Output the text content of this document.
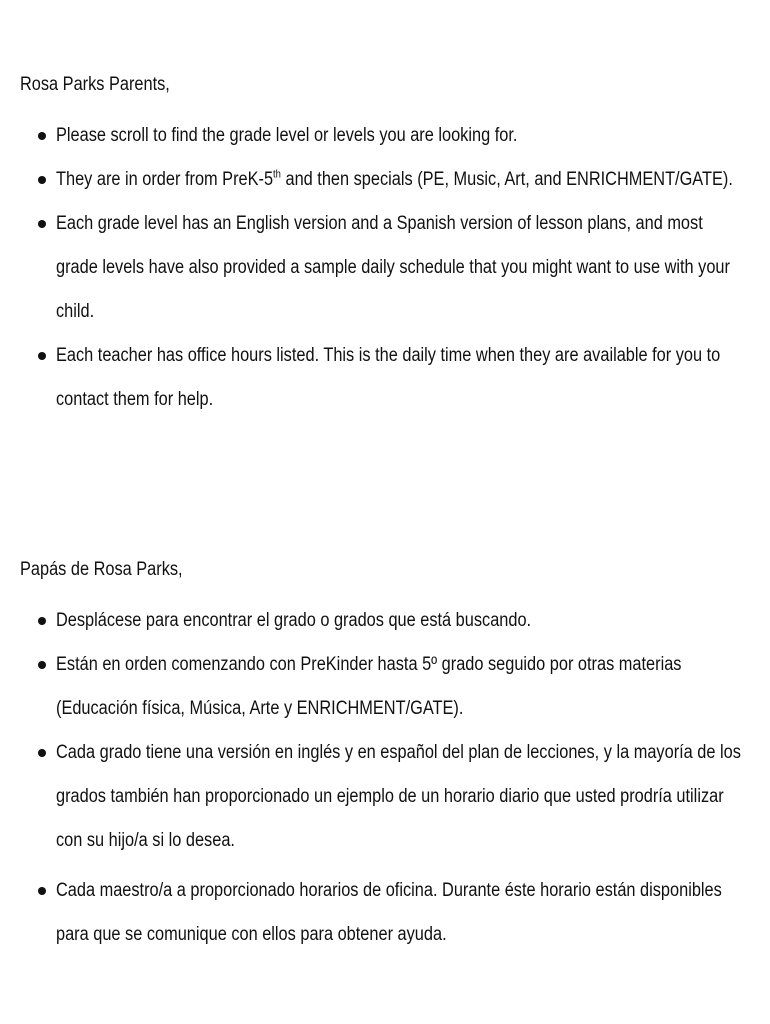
Rosa Parks Parents,
Please scroll to find the grade level or levels you are looking for.
They are in order from PreK-5th and then specials (PE, Music, Art, and ENRICHMENT/GATE).
Each grade level has an English version and a Spanish version of lesson plans, and most grade levels have also provided a sample daily schedule that you might want to use with your child.
Each teacher has office hours listed. This is the daily time when they are available for you to contact them for help.
Papás de Rosa Parks,
Desplácese para encontrar el grado o grados que está buscando.
Están en orden comenzando con PreKinder hasta 5º grado seguido por otras materias (Educación física, Música, Arte y ENRICHMENT/GATE).
Cada grado tiene una versión en inglés y en español del plan de lecciones, y la mayoría de los grados también han proporcionado un ejemplo de un horario diario que usted prodría utilizar con su hijo/a si lo desea.
Cada maestro/a a proporcionado horarios de oficina. Durante éste horario están disponibles para que se comunique con ellos para obtener ayuda.
